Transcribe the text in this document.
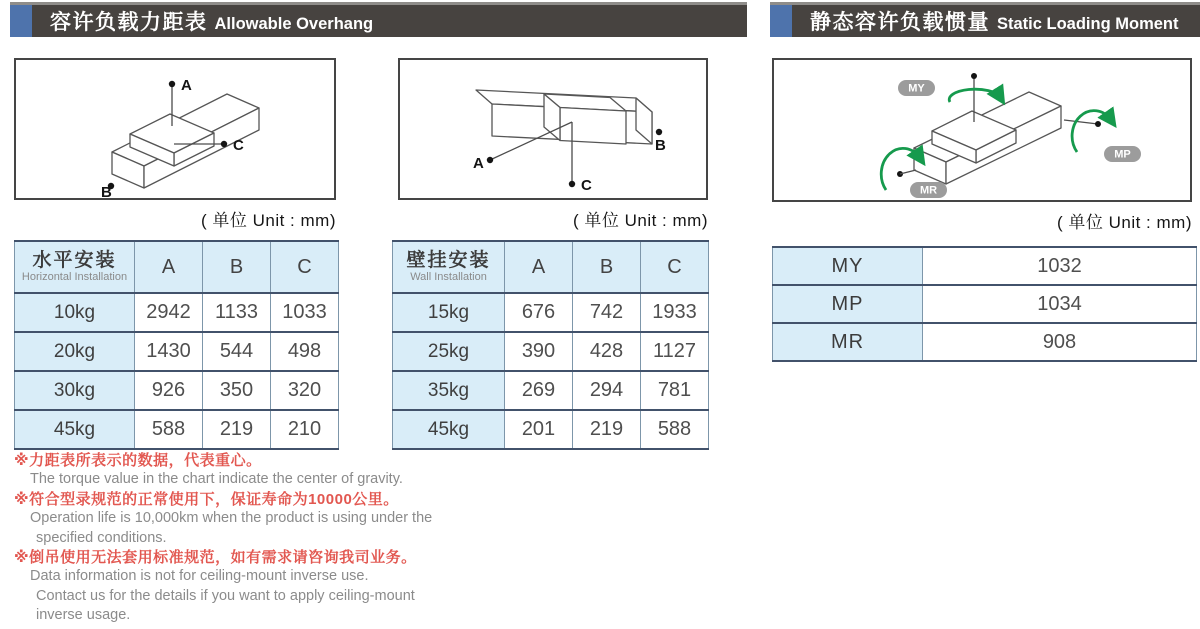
容许负载力距表 Allowable Overhang	静态容许负载惯量 Static Loading Moment
A
C
B
( 单位 Unit : mm)
A
B
C
( 单位 Unit : mm)
MY
MP
MR
( 单位 Unit : mm)
水平安装
Horizontal Installation	A	B	C
10kg	2942	1133	1033
20kg	1430	544	498
30kg	926	350	320
45kg	588	219	210
壁挂安装
Wall Installation	A	B	C
15kg	676	742	1933
25kg	390	428	1127
35kg	269	294	781
45kg	201	219	588
MY	1032
MP	1034
MR	908
※力距表所表示的数据，代表重心。
The torque value in the chart indicate the center of gravity.
※符合型录规范的正常使用下，保证寿命为10000公里。
Operation life is 10,000km when the product is using under the
specified conditions.
※倒吊使用无法套用标准规范，如有需求请咨询我司业务。
Data information is not for ceiling-mount inverse use.
Contact us for the details if you want to apply ceiling-mount
inverse usage.
